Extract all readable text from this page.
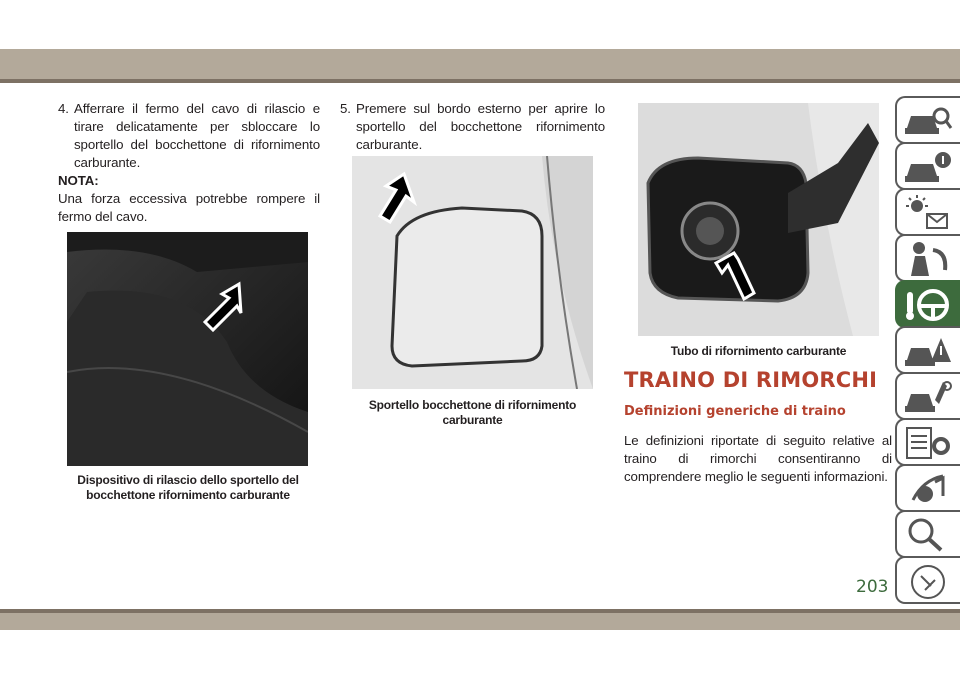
4. Afferrare il fermo del cavo di rilascio e tirare delicatamente per sbloccare lo sportello del bocchettone di rifornimento carburante.

NOTA:

Una forza eccessiva potrebbe rompere il fermo del cavo.

Dispositivo di rilascio dello sportello del bocchettone rifornimento carburante

5. Premere sul bordo esterno per aprire lo sportello del bocchettone rifornimento carburante.

Sportello bocchettone di rifornimento carburante
Tubo di rifornimento carburante
TRAINO DI RIMORCHI
Definizioni generiche di traino

Le definizioni riportate di seguito relative al traino di rimorchi consentiranno di comprendere meglio le seguenti informazioni.

203
